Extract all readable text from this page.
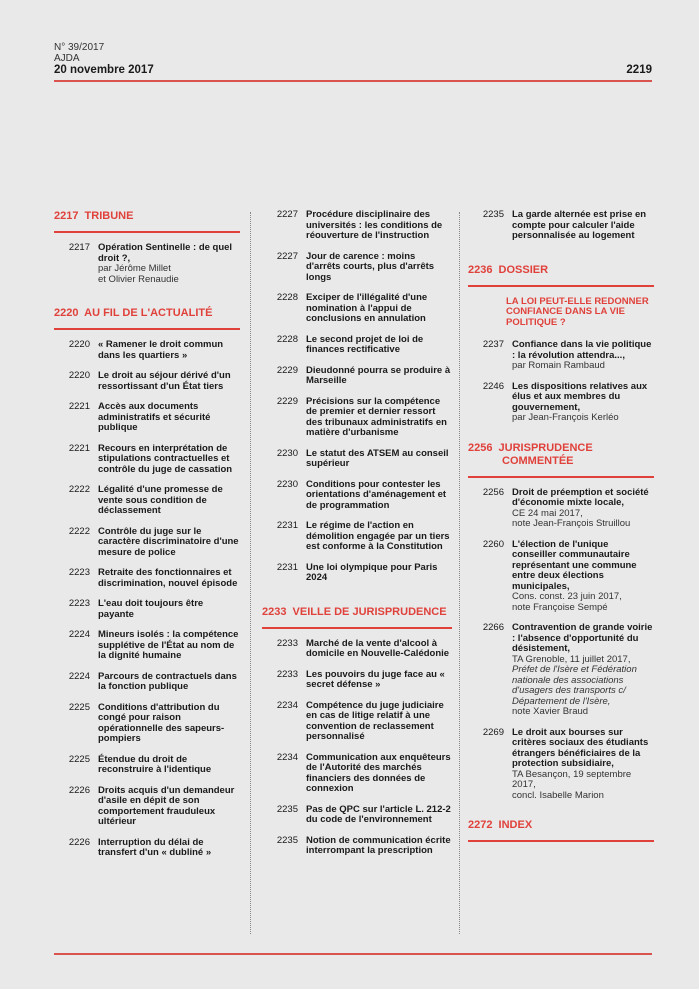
N° 39/2017
AJDA
20 novembre 2017	2219
2217 TRIBUNE
2217 Opération Sentinelle : de quel droit ?,
par Jérôme Millet
et Olivier Renaudie
2220 AU FIL DE L'ACTUALITÉ
2220 « Ramener le droit commun dans les quartiers »
2220 Le droit au séjour dérivé d'un ressortissant d'un État tiers
2221 Accès aux documents administratifs et sécurité publique
2221 Recours en interprétation de stipulations contractuelles et contrôle du juge de cassation
2222 Légalité d'une promesse de vente sous condition de déclassement
2222 Contrôle du juge sur le caractère discriminatoire d'une mesure de police
2223 Retraite des fonctionnaires et discrimination, nouvel épisode
2223 L'eau doit toujours être payante
2224 Mineurs isolés : la compétence supplétive de l'État au nom de la dignité humaine
2224 Parcours de contractuels dans la fonction publique
2225 Conditions d'attribution du congé pour raison opérationnelle des sapeurs-pompiers
2225 Étendue du droit de reconstruire à l'identique
2226 Droits acquis d'un demandeur d'asile en dépit de son comportement frauduleux ultérieur
2226 Interruption du délai de transfert d'un « dubliné »
2227 Procédure disciplinaire des universités : les conditions de réouverture de l'instruction
2227 Jour de carence : moins d'arrêts courts, plus d'arrêts longs
2228 Exciper de l'illégalité d'une nomination à l'appui de conclusions en annulation
2228 Le second projet de loi de finances rectificative
2229 Dieudonné pourra se produire à Marseille
2229 Précisions sur la compétence de premier et dernier ressort des tribunaux administratifs en matière d'urbanisme
2230 Le statut des ATSEM au conseil supérieur
2230 Conditions pour contester les orientations d'aménagement et de programmation
2231 Le régime de l'action en démolition engagée par un tiers est conforme à la Constitution
2231 Une loi olympique pour Paris 2024
2233 VEILLE DE JURISPRUDENCE
2233 Marché de la vente d'alcool à domicile en Nouvelle-Calédonie
2233 Les pouvoirs du juge face au « secret défense »
2234 Compétence du juge judiciaire en cas de litige relatif à une convention de reclassement personnalisé
2234 Communication aux enquêteurs de l'Autorité des marchés financiers des données de connexion
2235 Pas de QPC sur l'article L. 212-2 du code de l'environnement
2235 Notion de communication écrite interrompant la prescription
2235 La garde alternée est prise en compte pour calculer l'aide personnalisée au logement
2236 DOSSIER
LA LOI PEUT-ELLE REDONNER CONFIANCE DANS LA VIE POLITIQUE ?
2237 Confiance dans la vie politique : la révolution attendra...,
par Romain Rambaud
2246 Les dispositions relatives aux élus et aux membres du gouvernement,
par Jean-François Kerléo
2256 JURISPRUDENCE
COMMENTÉE
2256 Droit de préemption et société d'économie mixte locale,
CE 24 mai 2017,
note Jean-François Struillou
2260 L'élection de l'unique conseiller communautaire représentant une commune entre deux élections municipales,
Cons. const. 23 juin 2017,
note Françoise Sempé
2266 Contravention de grande voirie : l'absence d'opportunité du désistement,
TA Grenoble, 11 juillet 2017,
Préfet de l'Isère et Fédération nationale des associations d'usagers des transports c/ Département de l'Isère,
note Xavier Braud
2269 Le droit aux bourses sur critères sociaux des étudiants étrangers bénéficiaires de la protection subsidiaire,
TA Besançon, 19 septembre 2017,
concl. Isabelle Marion
2272 INDEX
